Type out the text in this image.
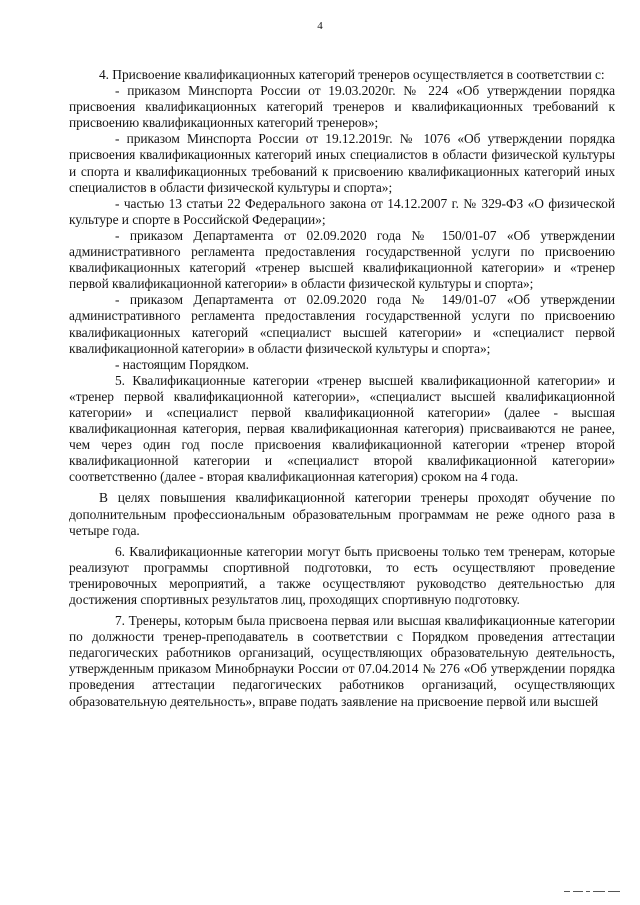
4

4. Присвоение квалификационных категорий тренеров осуществляется в соответствии с:

- приказом Минспорта России от 19.03.2020г. № 224 «Об утверждении порядка присвоения квалификационных категорий тренеров и квалификационных требований к присвоению квалификационных категорий тренеров»;

- приказом Минспорта России от 19.12.2019г. № 1076 «Об утверждении порядка присвоения квалификационных категорий иных специалистов в области физической культуры и спорта и квалификационных требований к присвоению квалификационных категорий иных специалистов в области физической культуры и спорта»;

- частью 13 статьи 22 Федерального закона от 14.12.2007 г. № 329-ФЗ «О физической культуре и спорте в Российской Федерации»;

- приказом Департамента от 02.09.2020 года № 150/01-07 «Об утверждении административного регламента предоставления государственной услуги по присвоению квалификационных категорий «тренер высшей квалификационной категории» и «тренер первой квалификационной категории» в области физической культуры и спорта»;

- приказом Департамента от 02.09.2020 года № 149/01-07 «Об утверждении административного регламента предоставления государственной услуги по присвоению квалификационных категорий «специалист высшей категории» и «специалист первой квалификационной категории» в области физической культуры и спорта»;

- настоящим Порядком.

5. Квалификационные категории «тренер высшей квалификационной категории» и «тренер первой квалификационной категории», «специалист высшей квалификационной категории» и «специалист первой квалификационной категории» (далее - высшая квалификационная категория, первая квалификационная категория) присваиваются не ранее, чем через один год после присвоения квалификационной категории «тренер второй квалификационной категории и «специалист второй квалификационной категории» соответственно (далее - вторая квалификационная категория) сроком на 4 года.

В целях повышения квалификационной категории тренеры проходят обучение по дополнительным профессиональным образовательным программам не реже одного раза в четыре года.

6. Квалификационные категории могут быть присвоены только тем тренерам, которые реализуют программы спортивной подготовки, то есть осуществляют проведение тренировочных мероприятий, а также осуществляют руководство деятельностью для достижения спортивных результатов лиц, проходящих спортивную подготовку.

7. Тренеры, которым была присвоена первая или высшая квалификационные категории по должности тренер-преподаватель в соответствии с Порядком проведения аттестации педагогических работников организаций, осуществляющих образовательную деятельность, утвержденным приказом Минобрнауки России от 07.04.2014 № 276 «Об утверждении порядка проведения аттестации педагогических работников организаций, осуществляющих образовательную деятельность», вправе подать заявление на присвоение первой или высшей
